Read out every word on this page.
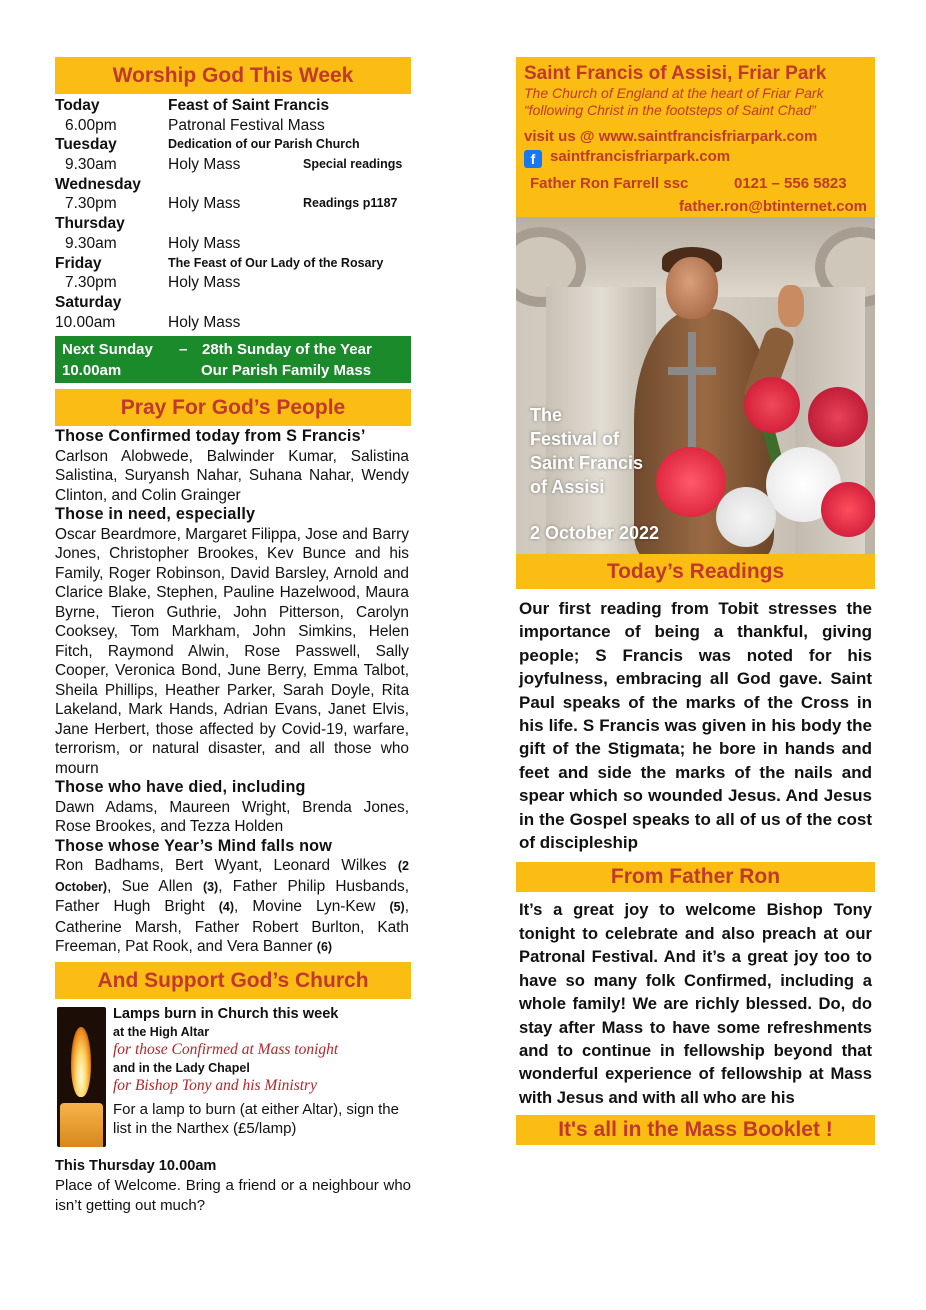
Worship God This Week
Today	Feast of Saint Francis
6.00pm	Patronal Festival Mass
Tuesday	Dedication of our Parish Church
9.30am	Holy Mass	Special readings
Wednesday
7.30pm	Holy Mass	Readings p1187
Thursday
9.30am	Holy Mass
Friday	The Feast of Our Lady of the Rosary
7.30pm	Holy Mass
Saturday
10.00am	Holy Mass
Next Sunday – 28th Sunday of the Year
10.00am	Our Parish Family Mass
Pray For God’s People
Those Confirmed today from S Francis’
Carlson Alobwede, Balwinder Kumar, Salistina Salistina, Suryansh Nahar, Suhana Nahar, Wendy Clinton, and Colin Grainger
Those in need, especially
Oscar Beardmore, Margaret Filippa, Jose and Barry Jones, Christopher Brookes, Kev Bunce and his Family, Roger Robinson, David Barsley, Arnold and Clarice Blake, Stephen, Pauline Hazelwood, Maura Byrne, Tieron Guthrie, John Pitterson, Carolyn Cooksey, Tom Markham, John Simkins, Helen Fitch, Raymond Alwin, Rose Passwell, Sally Cooper, Veronica Bond, June Berry, Emma Talbot, Sheila Phillips, Heather Parker, Sarah Doyle, Rita Lakeland, Mark Hands, Adrian Evans, Janet Elvis, Jane Herbert, those affected by Covid-19, warfare, terrorism, or natural disaster, and all those who mourn
Those who have died, including
Dawn Adams, Maureen Wright, Brenda Jones, Rose Brookes, and Tezza Holden
Those whose Year’s Mind falls now
Ron Badhams, Bert Wyant, Leonard Wilkes (2 October), Sue Allen (3), Father Philip Husbands, Father Hugh Bright (4), Movine Lyn-Kew (5), Catherine Marsh, Father Robert Burlton, Kath Freeman, Pat Rook, and Vera Banner (6)
And Support God’s Church
Lamps burn in Church this week
at the High Altar
for those Confirmed at Mass tonight
and in the Lady Chapel
for Bishop Tony and his Ministry
For a lamp to burn (at either Altar), sign the list in the Narthex (£5/lamp)
This Thursday 10.00am
Place of Welcome. Bring a friend or a neighbour who isn’t getting out much?
Saint Francis of Assisi, Friar Park
The Church of England at the heart of Friar Park
“following Christ in the footsteps of Saint Chad”
visit us @ www.saintfrancisfriarpark.com
f saintfrancisfriarpark.com
Father Ron Farrell ssc	0121 – 556 5823
father.ron@btinternet.com
The
Festival of
Saint Francis
of Assisi
2 October 2022
Today’s Readings
Our first reading from Tobit stresses the importance of being a thankful, giving people; S Francis was noted for his joyfulness, embracing all God gave. Saint Paul speaks of the marks of the Cross in his life. S Francis was given in his body the gift of the Stigmata; he bore in hands and feet and side the marks of the nails and spear which so wounded Jesus. And Jesus in the Gospel speaks to all of us of the cost of discipleship
From Father Ron
It’s a great joy to welcome Bishop Tony tonight to celebrate and also preach at our Patronal Festival. And it’s a great joy too to have so many folk Confirmed, including a whole family! We are richly blessed. Do, do stay after Mass to have some refreshments and to continue in fellowship beyond that wonderful experience of fellowship at Mass with Jesus and with all who are his
It's all in the Mass Booklet !
